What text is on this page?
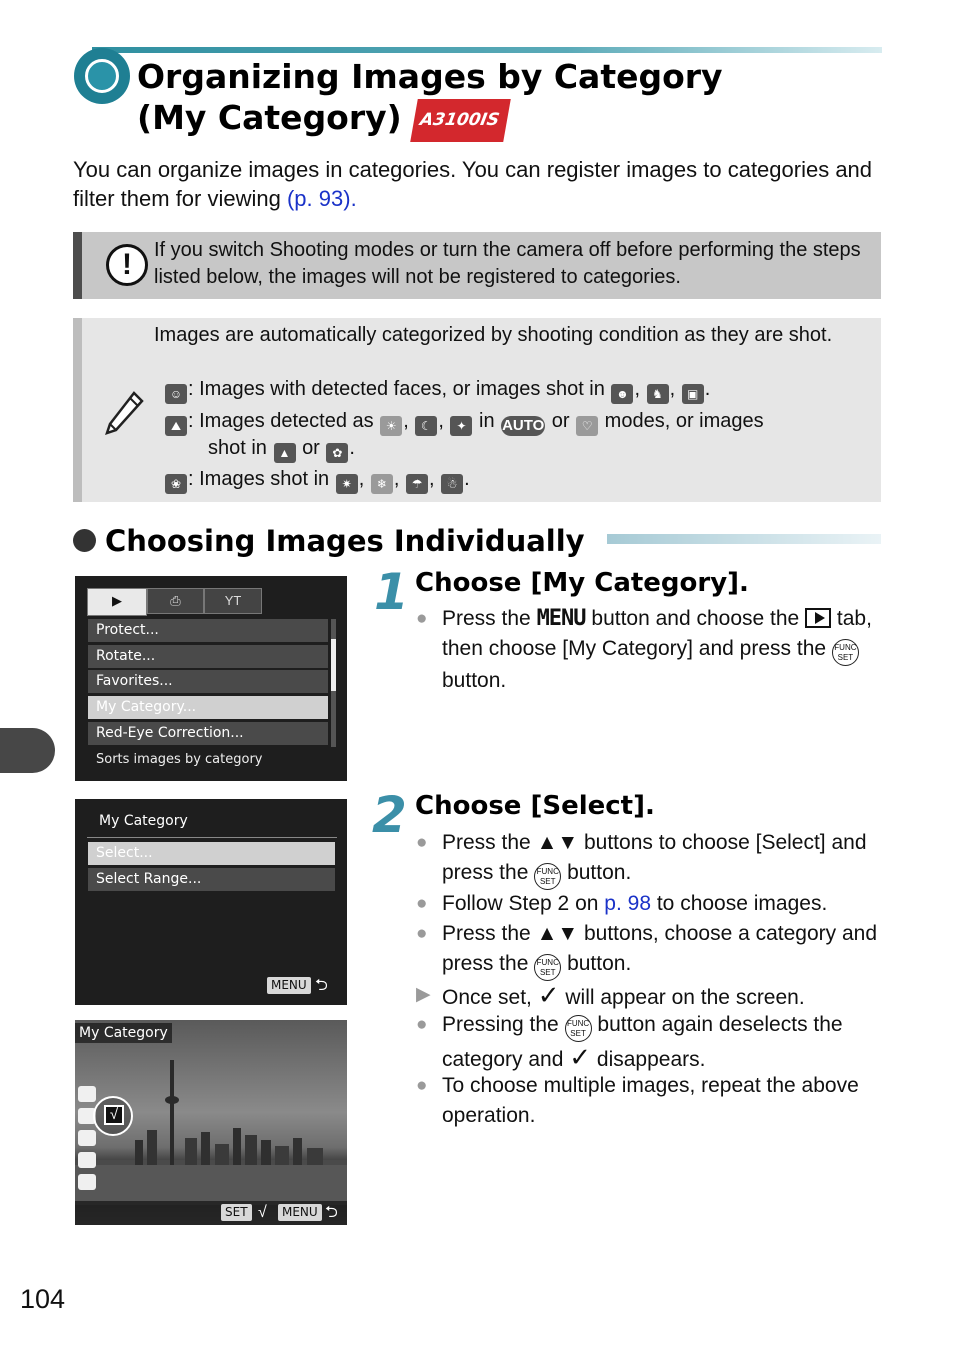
Organizing Images by Category
(My Category) A3100IS
You can organize images in categories. You can register images to categories and filter them for viewing (p. 93).
!	If you switch Shooting modes or turn the camera off before performing the steps listed below, the images will not be registered to categories.
Images are automatically categorized by shooting condition as they are shot.
☺ : Images with detected faces, or images shot in ☻ , ♞ , ▣ .
⛰ : Images detected as ☀ , ☾ , ✦ in AUTO or ♡ modes, or images
shot in ▲ or ✿ .
❀ : Images shot in ✷ , ❄ , ☂ , ☃ .
Choosing Images Individually
▶	⎙	YT
Protect...
Rotate...
Favorites...
My Category...
Red-Eye Correction...
Sorts images by category
My Category
Select...
Select Range...
MENU ⮌
My Category
√
SET √	MENU ⮌
1 Choose [My Category].
● Press the MENU button and choose the tab, then choose [My Category] and press the FUNC SET button.
2 Choose [Select].
● Press the ▲▼ buttons to choose [Select] and press the FUNC SET button.
● Follow Step 2 on p. 98 to choose images.
● Press the ▲▼ buttons, choose a category and press the FUNC SET button.
▶ Once set, ✓ will appear on the screen.
● Pressing the FUNC SET button again deselects the category and ✓ disappears.
● To choose multiple images, repeat the above operation.
104
